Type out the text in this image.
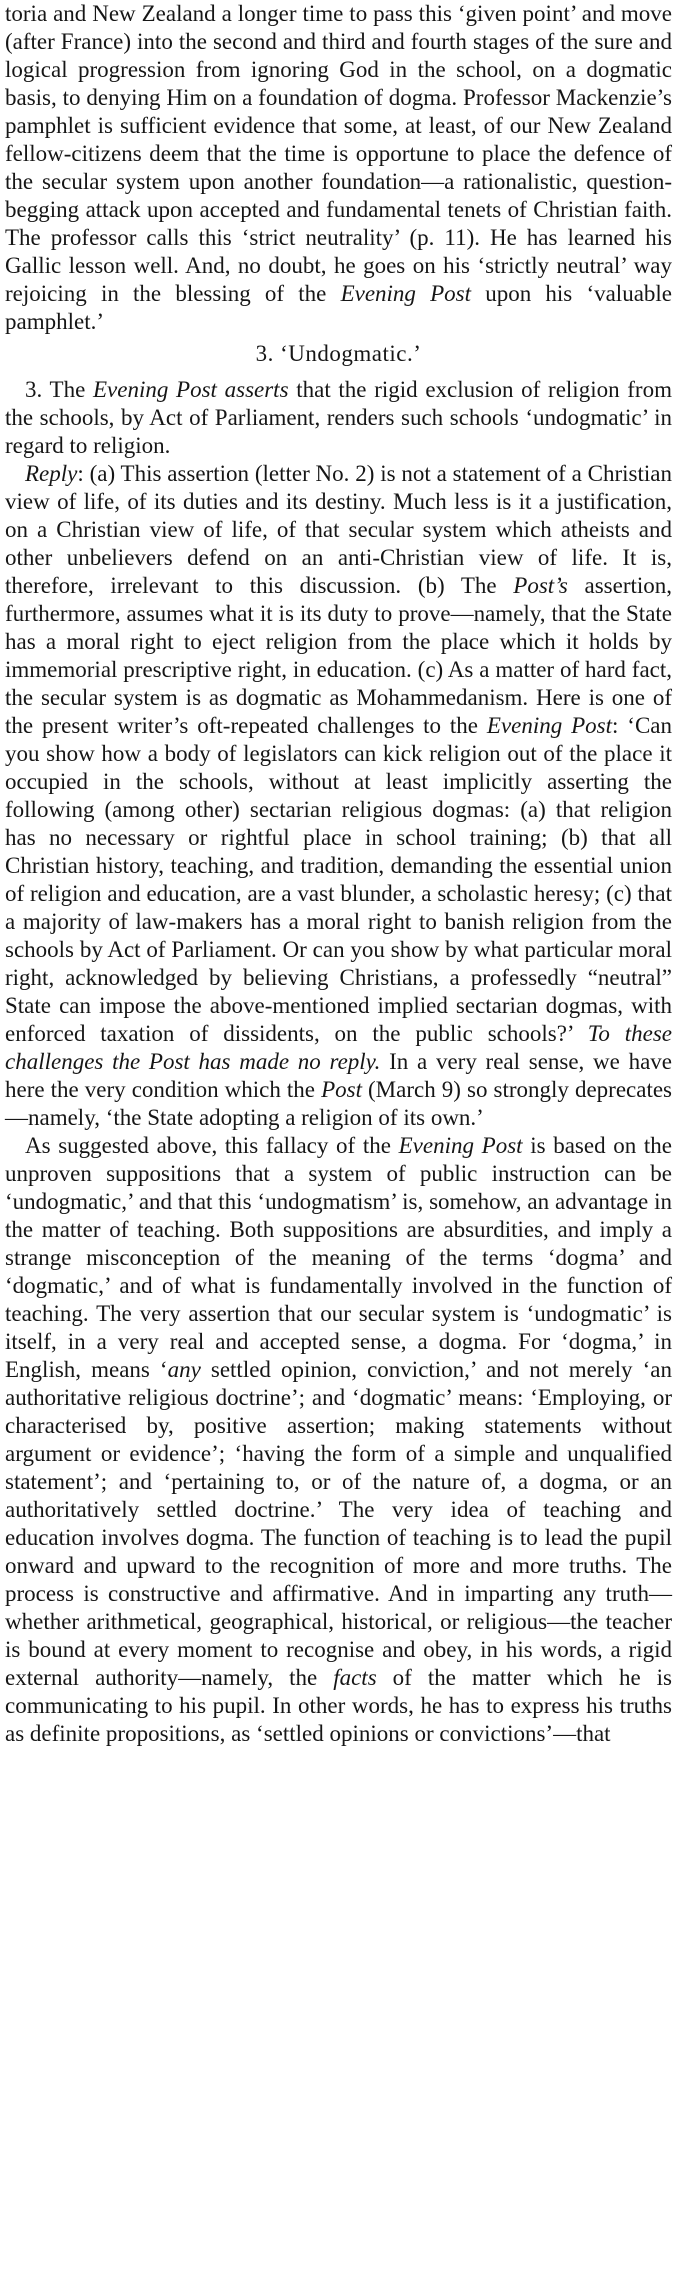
toria and New Zealand a longer time to pass this ‘given point’ and move (after France) into the second and third and fourth stages of the sure and logical progression from ignoring God in the school, on a dogmatic basis, to denying Him on a foundation of dogma. Professor Mackenzie’s pamphlet is sufficient evidence that some, at least, of our New Zealand fellow-citizens deem that the time is opportune to place the defence of the secular system upon another foundation—a rationalistic, question-begging attack upon accepted and fundamental tenets of Christian faith. The professor calls this ‘strict neutrality’ (p. 11). He has learned his Gallic lesson well. And, no doubt, he goes on his ‘strictly neutral’ way rejoicing in the blessing of the Evening Post upon his ‘valuable pamphlet.’

3. ‘Undogmatic.’

3. The Evening Post asserts that the rigid exclusion of religion from the schools, by Act of Parliament, renders such schools ‘undogmatic’ in regard to religion.

Reply: (a) This assertion (letter No. 2) is not a statement of a Christian view of life, of its duties and its destiny. Much less is it a justification, on a Christian view of life, of that secular system which atheists and other unbelievers defend on an anti-Christian view of life. It is, therefore, irrelevant to this discussion. (b) The Post’s assertion, furthermore, assumes what it is its duty to prove—namely, that the State has a moral right to eject religion from the place which it holds by immemorial prescriptive right, in education. (c) As a matter of hard fact, the secular system is as dogmatic as Mohammedanism. Here is one of the present writer’s oft-repeated challenges to the Evening Post: ‘Can you show how a body of legislators can kick religion out of the place it occupied in the schools, without at least implicitly asserting the following (among other) sectarian religious dogmas: (a) that religion has no necessary or rightful place in school training; (b) that all Christian history, teaching, and tradition, demanding the essential union of religion and education, are a vast blunder, a scholastic heresy; (c) that a majority of law-makers has a moral right to banish religion from the schools by Act of Parliament. Or can you show by what particular moral right, acknowledged by believing Christians, a professedly “neutral” State can impose the above-mentioned implied sectarian dogmas, with enforced taxation of dissidents, on the public schools?’ To these challenges the Post has made no reply. In a very real sense, we have here the very condition which the Post (March 9) so strongly deprecates—namely, ‘the State adopting a religion of its own.’

As suggested above, this fallacy of the Evening Post is based on the unproven suppositions that a system of public instruction can be ‘undogmatic,’ and that this ‘undogmatism’ is, somehow, an advantage in the matter of teaching. Both suppositions are absurdities, and imply a strange misconception of the meaning of the terms ‘dogma’ and ‘dogmatic,’ and of what is fundamentally involved in the function of teaching. The very assertion that our secular system is ‘undogmatic’ is itself, in a very real and accepted sense, a dogma. For ‘dogma,’ in English, means ‘any settled opinion, conviction,’ and not merely ‘an authoritative religious doctrine’; and ‘dogmatic’ means: ‘Employing, or characterised by, positive assertion; making statements without argument or evidence’; ‘having the form of a simple and unqualified statement’; and ‘pertaining to, or of the nature of, a dogma, or an authoritatively settled doctrine.’ The very idea of teaching and education involves dogma. The function of teaching is to lead the pupil onward and upward to the recognition of more and more truths. The process is constructive and affirmative. And in imparting any truth—whether arithmetical, geographical, historical, or religious—the teacher is bound at every moment to recognise and obey, in his words, a rigid external authority—namely, the facts of the matter which he is communicating to his pupil. In other words, he has to express his truths as definite propositions, as ‘settled opinions or convictions’—that
